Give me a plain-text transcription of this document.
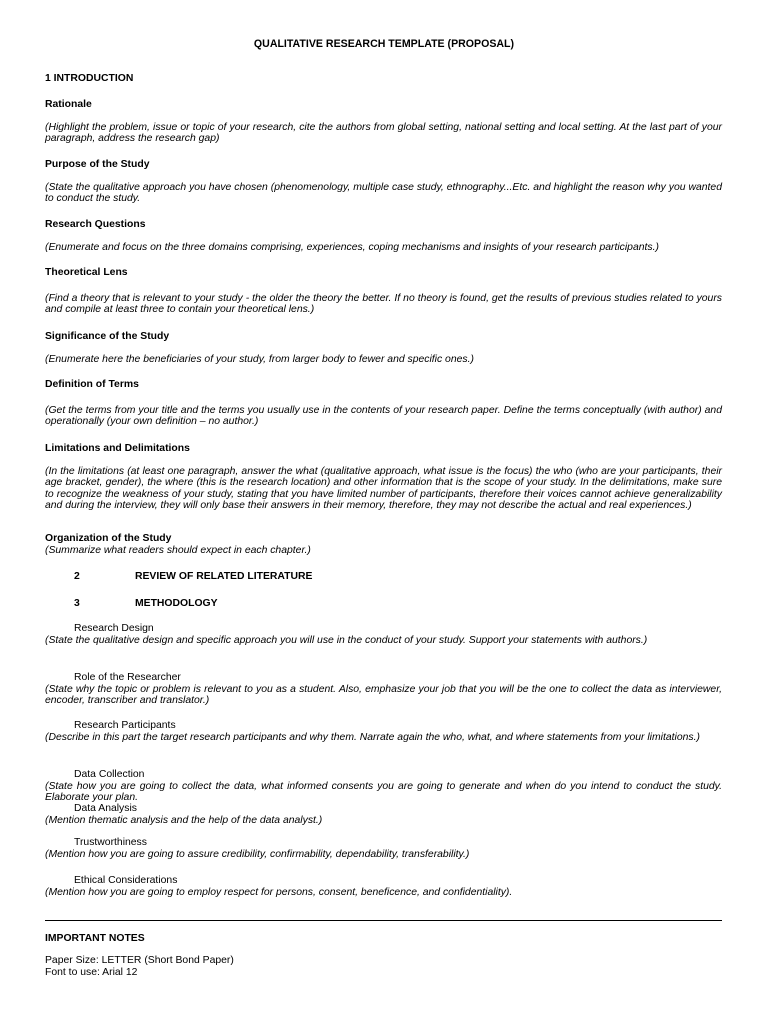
QUALITATIVE RESEARCH TEMPLATE (PROPOSAL)
1 INTRODUCTION
Rationale
(Highlight the problem, issue or topic of your research, cite the authors from global setting, national setting and local setting. At the last part of your paragraph, address the research gap)
Purpose of the Study
(State the qualitative approach you have chosen (phenomenology, multiple case study, ethnography...Etc. and highlight the reason why you wanted to conduct the study.
Research Questions
(Enumerate and focus on the three domains comprising, experiences, coping mechanisms and insights of your research participants.)
Theoretical Lens
(Find a theory that is relevant to your study - the older the theory the better. If no theory is found, get the results of previous studies related to yours and compile at least three to contain your theoretical lens.)
Significance of the Study
(Enumerate here the beneficiaries of your study, from larger body to fewer and specific ones.)
Definition of Terms
(Get the terms from your title and the terms you usually use in the contents of your research paper. Define the terms conceptually (with author) and operationally (your own definition – no author.)
Limitations and Delimitations
(In the limitations (at least one paragraph, answer the what (qualitative approach, what issue is the focus) the who (who are your participants, their age bracket, gender), the where (this is the research location) and other information that is the scope of your study. In the delimitations, make sure to recognize the weakness of your study, stating that you have limited number of participants, therefore their voices cannot achieve generalizability and during the interview, they will only base their answers in their memory, therefore, they may not describe the actual and real experiences.)
Organization of the Study
(Summarize what readers should expect in each chapter.)
2	REVIEW OF RELATED LITERATURE
3	METHODOLOGY
Research Design
(State the qualitative design and specific approach you will use in the conduct of your study. Support your statements with authors.)
Role of the Researcher
(State why the topic or problem is relevant to you as a student. Also, emphasize your job that you will be the one to collect the data as interviewer, encoder, transcriber and translator.)
Research Participants
(Describe in this part the target research participants and why them. Narrate again the who, what, and where statements from your limitations.)
Data Collection
(State how you are going to collect the data, what informed consents you are going to generate and when do you intend to conduct the study. Elaborate your plan.
Data Analysis
(Mention thematic analysis and the help of the data analyst.)
Trustworthiness
(Mention how you are going to assure credibility, confirmability, dependability, transferability.)
Ethical Considerations
(Mention how you are going to employ respect for persons, consent, beneficence, and confidentiality).
IMPORTANT NOTES
Paper Size: LETTER (Short Bond Paper)
Font to use: Arial 12
